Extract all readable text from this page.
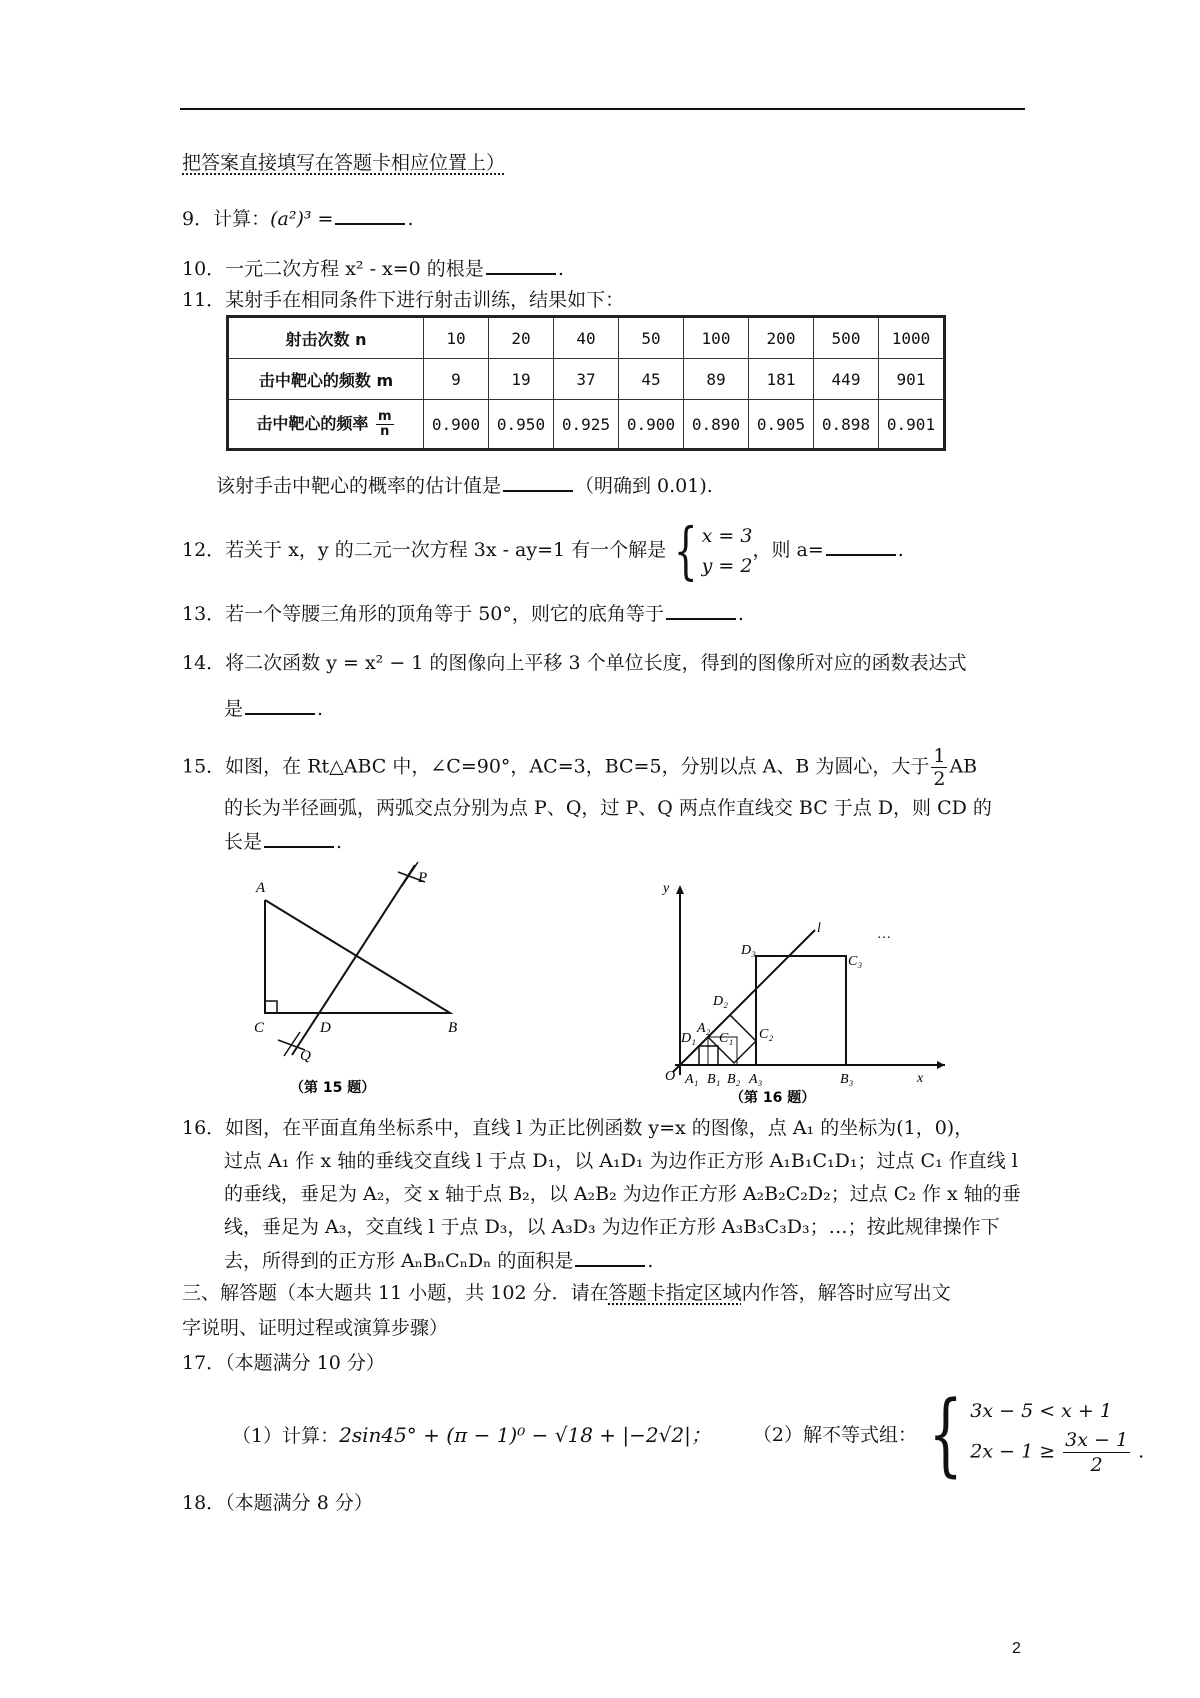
把答案直接填写在答题卡相应位置上）
9．计算：(a²)³ =	.
10．一元二次方程 x² - x=0 的根是	.
11．某射手在相同条件下进行射击训练，结果如下：
射击次数 n	10	20	40	50	100	200	500	1000
击中靶心的频数 m	9	19	37	45	89	181	449	901
击中靶心的频率 $\frac{m}{n}$	0.900	0.950	0.925	0.900	0.890	0.905	0.898	0.901
该射手击中靶心的概率的估计值是	（明确到 0.01).
12．若关于 x，y 的二元一次方程 3x - ay=1 有一个解是 { x = 3
y = 2
，则 a=	.
13．若一个等腰三角形的顶角等于 50°，则它的底角等于	.
14．将二次函数 y = x² − 1 的图像向上平移 3 个单位长度，得到的图像所对应的函数表达式
是	.
15．如图，在 Rt△ABC 中，∠C=90°，AC=3，BC=5，分别以点 A、B 为圆心，大于 $\frac{1}{2}$ AB
的长为半径画弧，两弧交点分别为点 P、Q，过 P、Q 两点作直线交 BC 于点 D，则 CD 的
长是	.
A
C	D	B
P
Q
（第 15 题）
y
x
O
l
D₃
C₃
D₂
C₂
A₂
D₁ C₁
A₁ B₁ B₂ A₃	B₃
…
（第 16 题）
16．如图，在平面直角坐标系中，直线 l 为正比例函数 y=x 的图像，点 A₁ 的坐标为(1，0)，
过点 A₁ 作 x 轴的垂线交直线 l 于点 D₁，以 A₁D₁ 为边作正方形 A₁B₁C₁D₁；过点 C₁ 作直线 l
的垂线，垂足为 A₂，交 x 轴于点 B₂，以 A₂B₂ 为边作正方形 A₂B₂C₂D₂；过点 C₂ 作 x 轴的垂
线，垂足为 A₃，交直线 l 于点 D₃，以 A₃D₃ 为边作正方形 A₃B₃C₃D₃；…；按此规律操作下
去，所得到的正方形 AₙBₙCₙDₙ 的面积是	.
三、解答题（本大题共 11 小题，共 102 分．请在答题卡指定区域内作答，解答时应写出文
字说明、证明过程或演算步骤）
17．（本题满分 10 分）
（1）计算：2sin45° + (π − 1)⁰ − √18 + |−2√2|； （2）解不等式组： { 3x − 5 < x + 1
$2x - 1 \ge \frac{3x - 1}{2}$ .
18．（本题满分 8 分）
2
